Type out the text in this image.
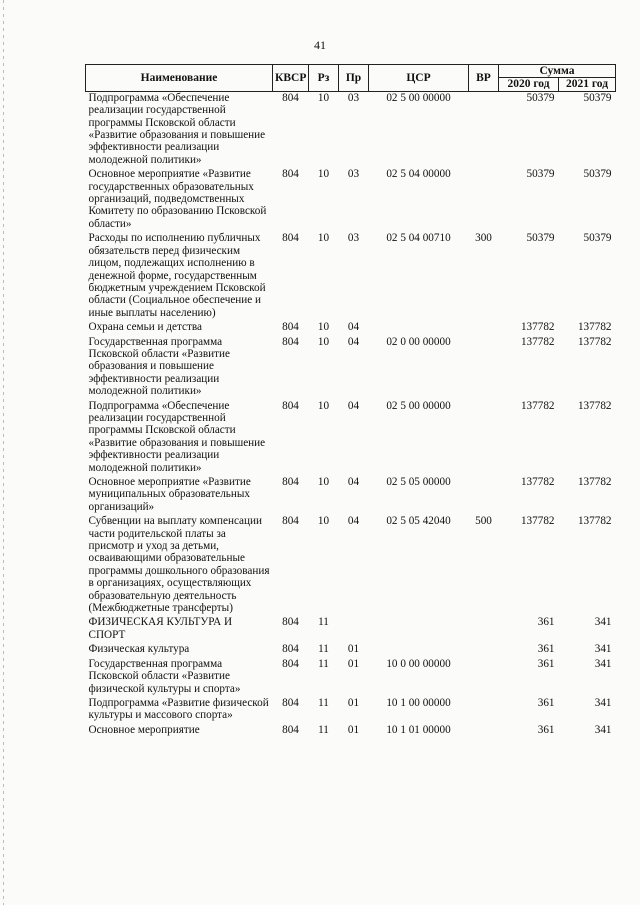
41
Наименование	КВСР	Рз	Пр	ЦСР	ВР	Сумма	
						2020 год	2021 год
Подпрограмма «Обеспечение реализации государственной программы Псковской области «Развитие образования и повышение эффективности реализации молодежной политики»	804	10	03	02 5 00 00000		50379	50379
Основное мероприятие «Развитие государственных образовательных организаций, подведомственных Комитету по образованию Псковской области»	804	10	03	02 5 04 00000		50379	50379
Расходы по исполнению публичных обязательств перед физическим лицом, подлежащих исполнению в денежной форме, государственным бюджетным учреждением Псковской области (Социальное обеспечение и иные выплаты населению)	804	10	03	02 5 04 00710	300	50379	50379
Охрана семьи и детства	804	10	04			137782	137782
Государственная программа Псковской области «Развитие образования и повышение эффективности реализации молодежной политики»	804	10	04	02 0 00 00000		137782	137782
Подпрограмма «Обеспечение реализации государственной программы Псковской области «Развитие образования и повышение эффективности реализации молодежной политики»	804	10	04	02 5 00 00000		137782	137782
Основное мероприятие «Развитие муниципальных образовательных организаций»	804	10	04	02 5 05 00000		137782	137782
Субвенции на выплату компенсации части родительской платы за присмотр и уход за детьми, осваивающими образовательные программы дошкольного образования в организациях, осуществляющих образовательную деятельность (Межбюджетные трансферты)	804	10	04	02 5 05 42040	500	137782	137782
ФИЗИЧЕСКАЯ КУЛЬТУРА И СПОРТ	804	11				361	341
Физическая культура	804	11	01			361	341
Государственная программа Псковской области «Развитие физической культуры и спорта»	804	11	01	10 0 00 00000		361	341
Подпрограмма «Развитие физической культуры и массового спорта»	804	11	01	10 1 00 00000		361	341
Основное мероприятие	804	11	01	10 1 01 00000		361	341
